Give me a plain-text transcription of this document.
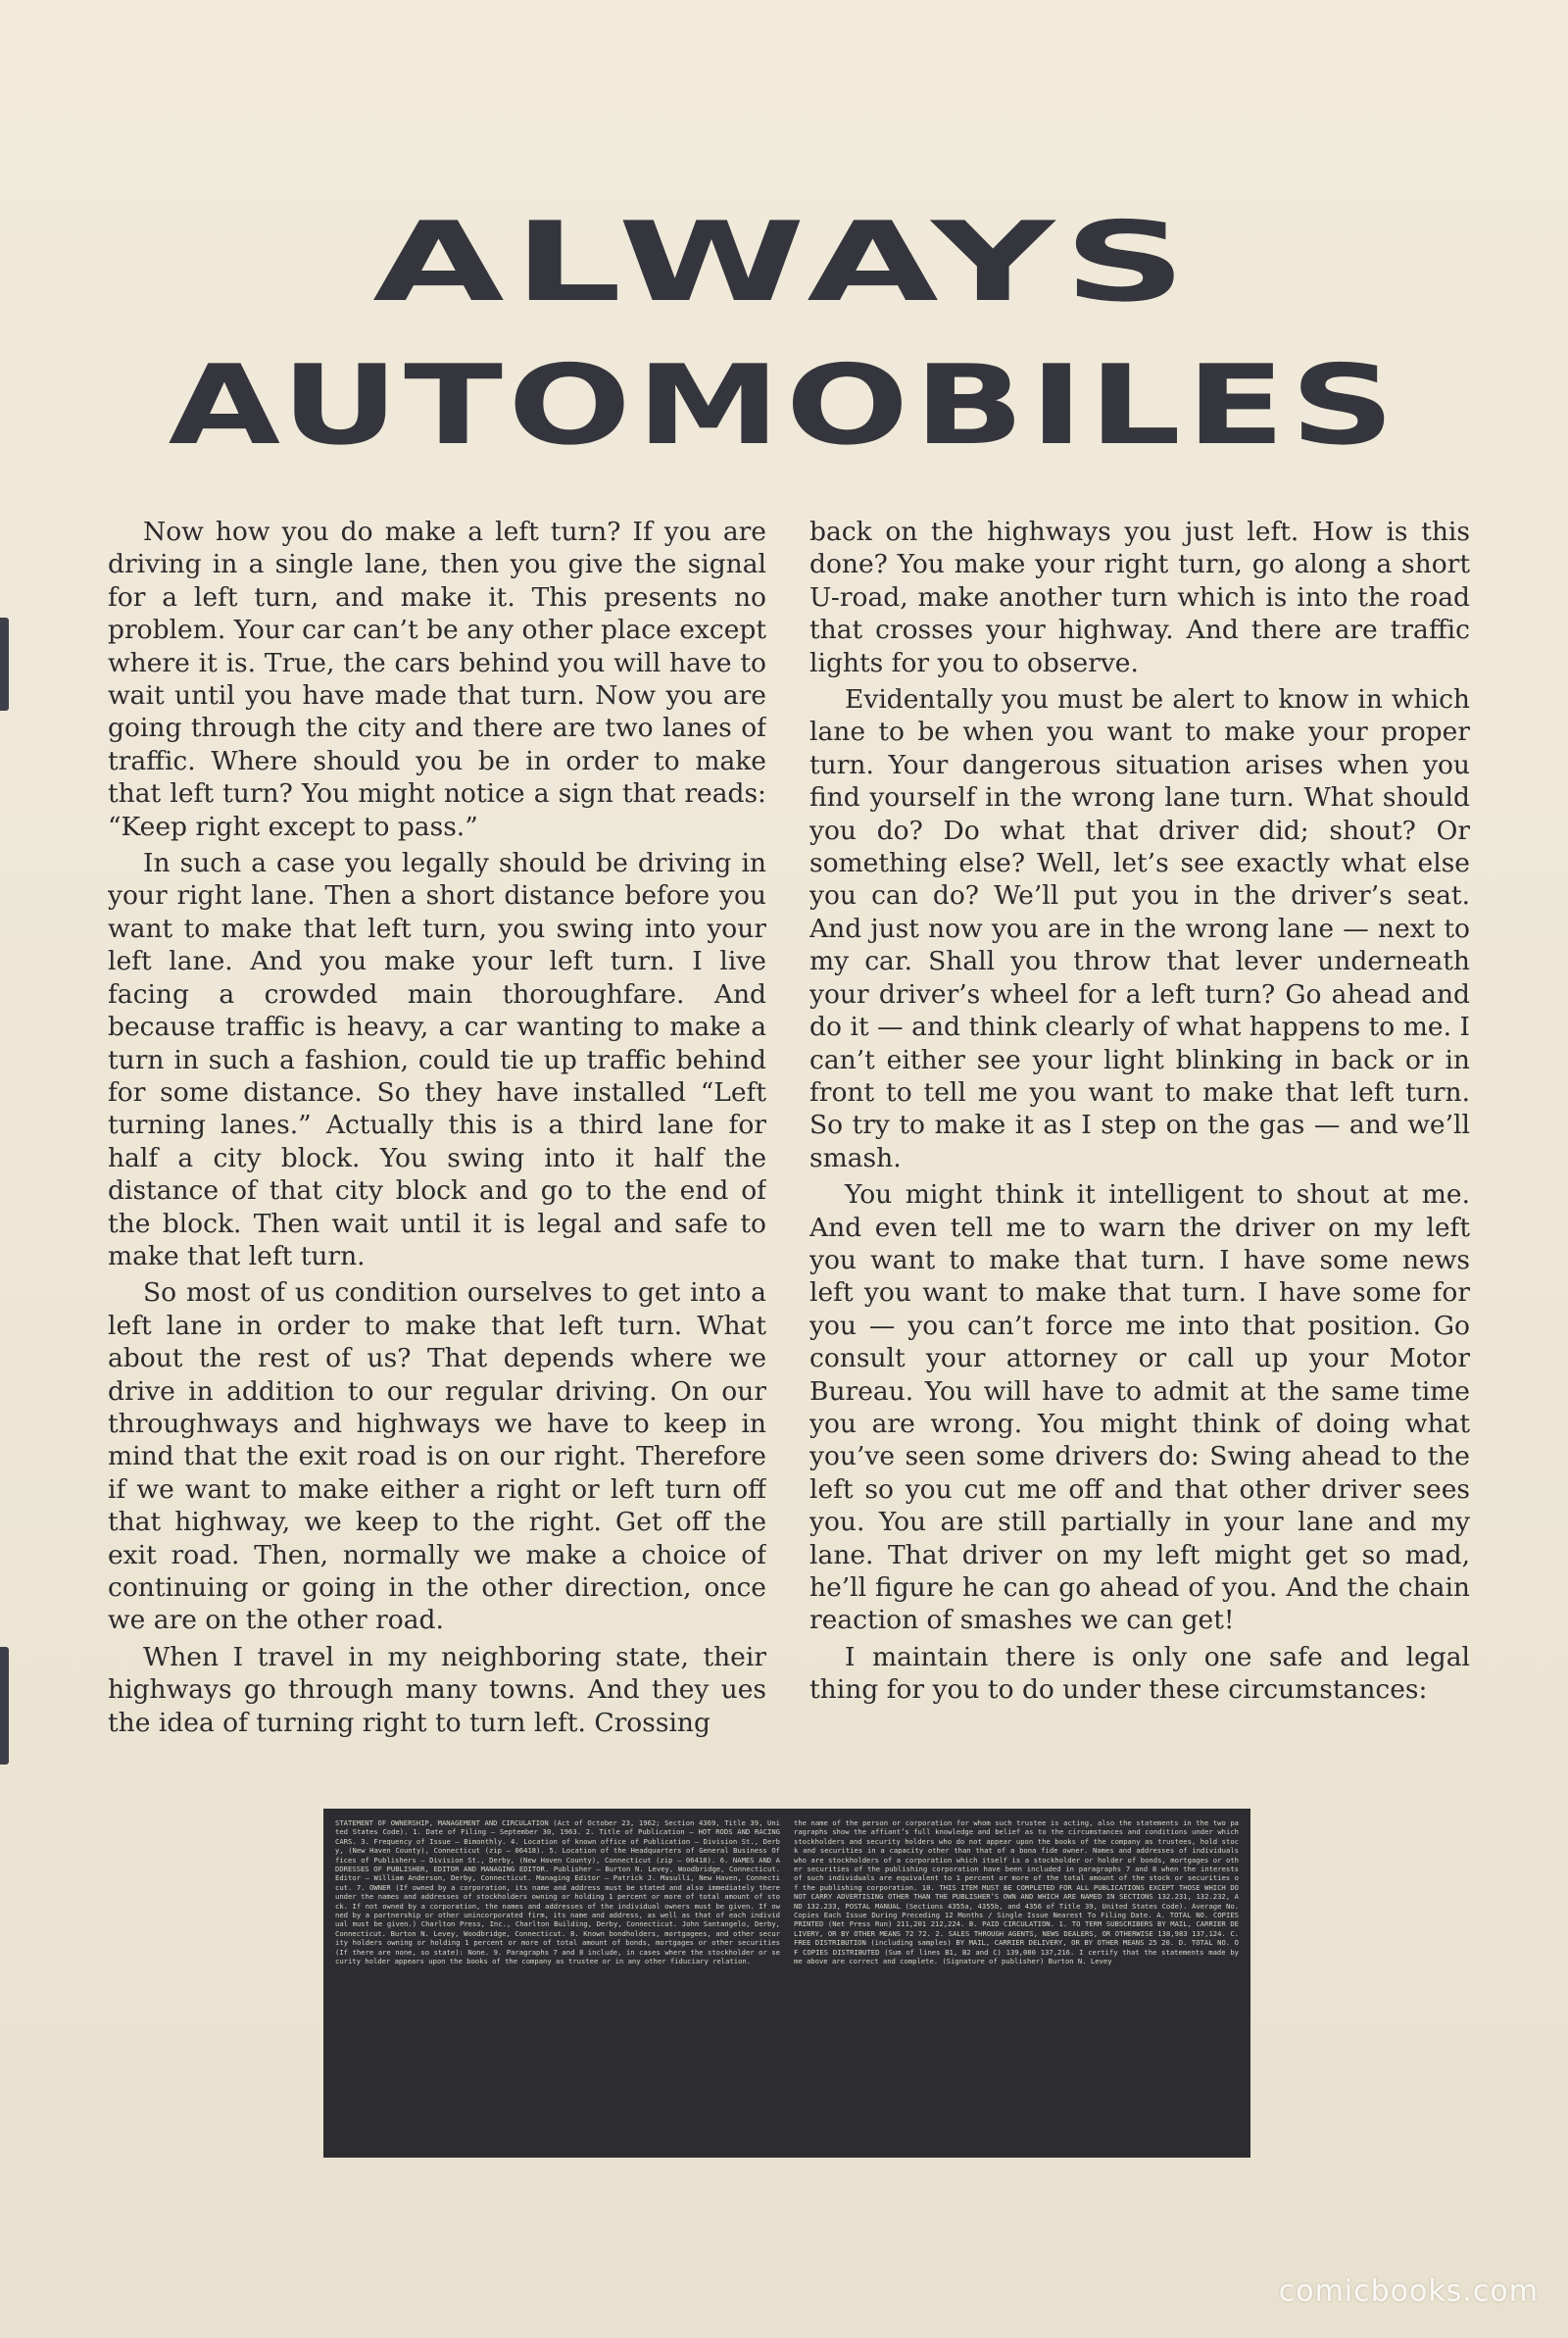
ALWAYS
AUTOMOBILES

Now how you do make a left turn? If you are driving in a single lane, then you give the signal for a left turn, and make it. This presents no problem. Your car can’t be any other place except where it is. True, the cars behind you will have to wait until you have made that turn. Now you are going through the city and there are two lanes of traffic. Where should you be in order to make that left turn? You might notice a sign that reads: “Keep right except to pass.”

In such a case you legally should be driving in your right lane. Then a short distance before you want to make that left turn, you swing into your left lane. And you make your left turn. I live facing a crowded main thoroughfare. And because traffic is heavy, a car wanting to make a turn in such a fashion, could tie up traffic behind for some distance. So they have installed “Left turning lanes.” Actually this is a third lane for half a city block. You swing into it half the distance of that city block and go to the end of the block. Then wait until it is legal and safe to make that left turn.

So most of us condition ourselves to get into a left lane in order to make that left turn. What about the rest of us? That depends where we drive in addition to our regular driving. On our throughways and highways we have to keep in mind that the exit road is on our right. Therefore if we want to make either a right or left turn off that highway, we keep to the right. Get off the exit road. Then, normally we make a choice of continuing or going in the other direction, once we are on the other road.

When I travel in my neighboring state, their highways go through many towns. And they ues the idea of turning right to turn left. Crossing

back on the highways you just left. How is this done? You make your right turn, go along a short U-road, make another turn which is into the road that crosses your highway. And there are traffic lights for you to observe.

Evidentally you must be alert to know in which lane to be when you want to make your proper turn. Your dangerous situation arises when you find yourself in the wrong lane turn. What should you do? Do what that driver did; shout? Or something else? Well, let’s see exactly what else you can do? We’ll put you in the driver’s seat. And just now you are in the wrong lane — next to my car. Shall you throw that lever underneath your driver’s wheel for a left turn? Go ahead and do it — and think clearly of what happens to me. I can’t either see your light blinking in back or in front to tell me you want to make that left turn. So try to make it as I step on the gas — and we’ll smash.

You might think it intelligent to shout at me. And even tell me to warn the driver on my left you want to make that turn. I have some news left you want to make that turn. I have some for you — you can’t force me into that position. Go consult your attorney or call up your Motor Bureau. You will have to admit at the same time you are wrong. You might think of doing what you’ve seen some drivers do: Swing ahead to the left so you cut me off and that other driver sees you. You are still partially in your lane and my lane. That driver on my left might get so mad, he’ll figure he can go ahead of you. And the chain reaction of smashes we can get!

I maintain there is only one safe and legal thing for you to do under these circumstances:

STATEMENT OF OWNERSHIP, MANAGEMENT AND CIRCULATION (Act of October 23, 1962; Section 4369, Title 39, United States Code). 1. Date of Filing — September 30, 1963. 2. Title of Publication — HOT RODS AND RACING CARS. 3. Frequency of Issue — Bimonthly. 4. Location of known office of Publication — Division St., Derby, (New Haven County), Connecticut (zip — 06418). 5. Location of the Headquarters of General Business Offices of Publishers — Division St., Derby, (New Haven County), Connecticut (zip — 06418). 6. NAMES AND ADDRESSES OF PUBLISHER, EDITOR AND MANAGING EDITOR. Publisher — Burton N. Levey, Woodbridge, Connecticut. Editor — William Anderson, Derby, Connecticut. Managing Editor — Patrick J. Masulli, New Haven, Connecticut. 7. OWNER (If owned by a corporation, its name and address must be stated and also immediately thereunder the names and addresses of stockholders owning or holding 1 percent or more of total amount of stock. If not owned by a corporation, the names and addresses of the individual owners must be given. If owned by a partnership or other unincorporated firm, its name and address, as well as that of each individual must be given.) Charlton Press, Inc., Charlton Building, Derby, Connecticut. John Santangelo, Derby, Connecticut. Burton N. Levey, Woodbridge, Connecticut. 8. Known bondholders, mortgagees, and other security holders owning or holding 1 percent or more of total amount of bonds, mortgages or other securities (If there are none, so state): None. 9. Paragraphs 7 and 8 include, in cases where the stockholder or security holder appears upon the books of the company as trustee or in any other fiduciary relation.
the name of the person or corporation for whom such trustee is acting, also the statements in the two paragraphs show the affiant’s full knowledge and belief as to the circumstances and conditions under which stockholders and security holders who do not appear upon the books of the company as trustees, hold stock and securities in a capacity other than that of a bona fide owner. Names and addresses of individuals who are stockholders of a corporation which itself is a stockholder or holder of bonds, mortgages or other securities of the publishing corporation have been included in paragraphs 7 and 8 when the interests of such individuals are equivalent to 1 percent or more of the total amount of the stock or securities of the publishing corporation. 10. THIS ITEM MUST BE COMPLETED FOR ALL PUBLICATIONS EXCEPT THOSE WHICH DO NOT CARRY ADVERTISING OTHER THAN THE PUBLISHER’S OWN AND WHICH ARE NAMED IN SECTIONS 132.231, 132.232, AND 132.233, POSTAL MANUAL (Sections 4355a, 4355b, and 4356 of Title 39, United States Code). Average No. Copies Each Issue During Preceding 12 Months / Single Issue Nearest To Filing Date. A. TOTAL NO. COPIES PRINTED (Net Press Run) 211,201 212,224. B. PAID CIRCULATION. 1. TO TERM SUBSCRIBERS BY MAIL, CARRIER DELIVERY, OR BY OTHER MEANS 72 72. 2. SALES THROUGH AGENTS, NEWS DEALERS, OR OTHERWISE 138,983 137,124. C. FREE DISTRIBUTION (including samples) BY MAIL, CARRIER DELIVERY, OR BY OTHER MEANS 25 20. D. TOTAL NO. OF COPIES DISTRIBUTED (Sum of lines B1, B2 and C) 139,080 137,216. I certify that the statements made by me above are correct and complete. (Signature of publisher) Burton N. Levey
comicbooks.com
